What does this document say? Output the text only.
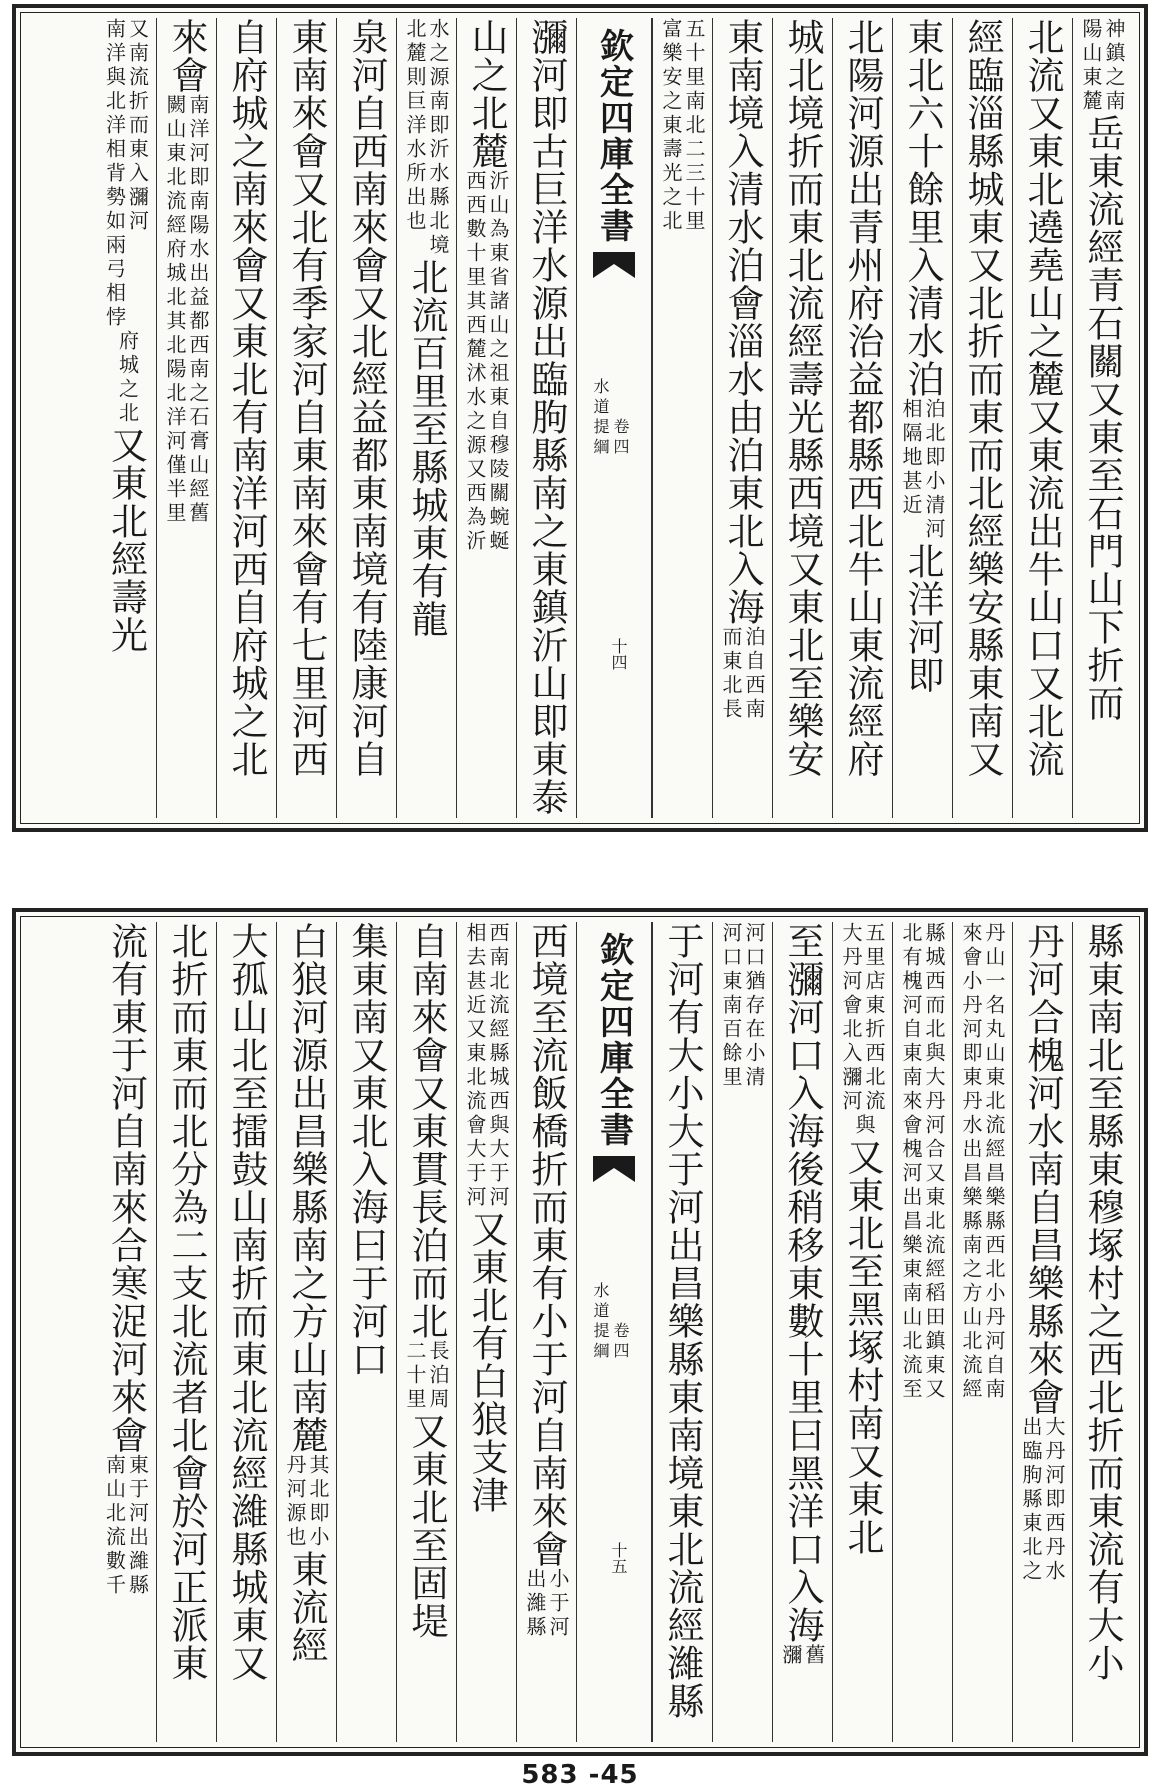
神鎮之南
陽山東麓
岳東流經青石關又東至石門山下折而
北流又東北遶堯山之麓又東流出牛山口又北流
經臨淄縣城東又北折而東而北經樂安縣東南又
東北六十餘里入清水泊
泊北即小清河
相隔地甚近
北洋河即
北陽河源出青州府治益都縣西北牛山東流經府
城北境折而東北流經壽光縣西境又東北至樂安
東南境入清水泊會淄水由泊東北入海
泊自西南
而東北長
五十里南北二三十里
富樂安之東壽光之北
欽定四庫全書
水道提綱 卷四
十四
瀰河即古巨洋水源出臨朐縣南之東鎮沂山即東泰
山之北麓
沂山為東省諸山之祖東自穆陵關蜿蜒
西西數十里其西麓沭水之源又西為沂
水之源南即沂水縣北境
北麓則巨洋水所出也
北流百里至縣城東有龍
泉河自西南來會又北經益都東南境有陸康河自
東南來會又北有季家河自東南來會有七里河西
自府城之南來會又東北有南洋河西自府城之北
來會
南洋河即南陽水出益都西南之石膏山經舊
闕山東北流經府城北其北陽北洋河僅半里
又南流折而東入瀰河
南洋與北洋相背勢如兩弓相悖
府城之北
又東北經壽光
縣東南北至縣東穆塚村之西北折而東流有大小
丹河合槐河水南自昌樂縣來會
大丹河即西丹水
出臨朐縣東北之
丹山一名丸山東北流經昌樂縣西北小丹河自南
來會小丹河即東丹水出昌樂縣南之方山北流經
縣城西而北與大丹河合又東北流經稻田鎮東又
北有槐河自東南來會槐河出昌樂東南山北流至
五里店東折西北流
大丹河會北入瀰河
與
又東北至黑塚村南又東北
至瀰河口入海後稍移東數十里曰黑洋口入海
舊
瀰
河口猶存在小清
河口東南百餘里
于河有大小大于河出昌樂縣東南境東北流經濰縣
欽定四庫全書
水道提綱 卷四
十五
西境至流飯橋折而東有小于河自南來會
小于河
出濰縣
西南北流經縣城西與大于河
相去甚近又東北流會大于河
又東北有白狼支津
自南來會又東貫長泊而北
長泊周
二十里
又東北至固堤
集東南又東北入海曰于河口
白狼河源出昌樂縣南之方山南麓
其北即小
丹河源也
東流經
大孤山北至擂鼓山南折而東北流經濰縣城東又
北折而東而北分為二支北流者北會於河正派東
流有東于河自南來合寒浞河來會
東于河出濰縣
南山北流數千
583 -45
